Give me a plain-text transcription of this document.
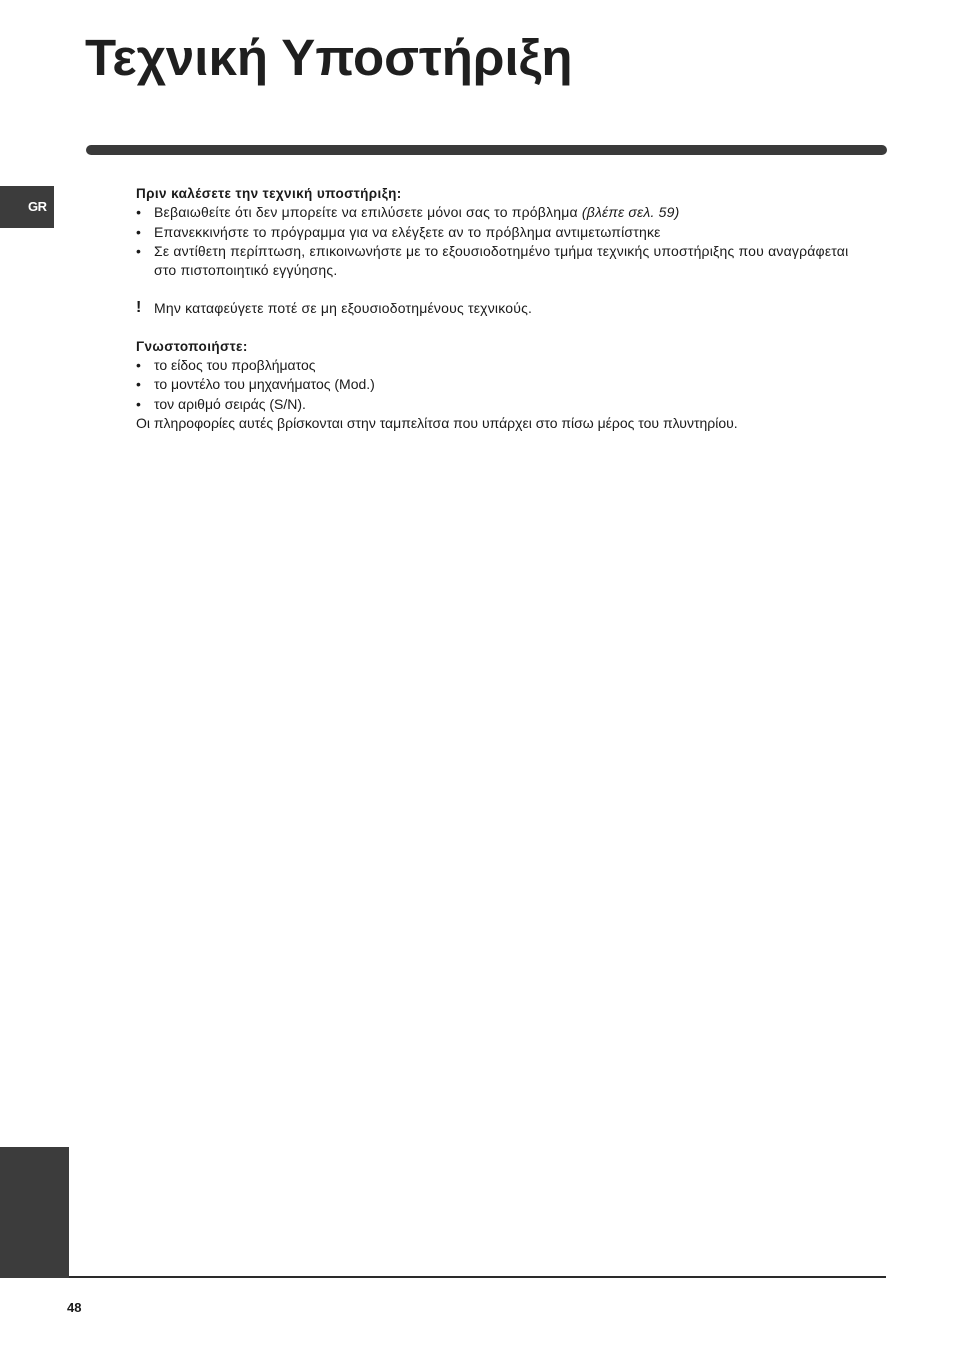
Τεχνική Υποστήριξη
GR
Πριν καλέσετε την τεχνική υποστήριξη:
• Βεβαιωθείτε ότι δεν μπορείτε να επιλύσετε μόνοι σας το πρόβλημα (βλέπε σελ. 59)
• Επανεκκινήστε το πρόγραμμα για να ελέγξετε αν το πρόβλημα αντιμετωπίστηκε
• Σε αντίθετη περίπτωση, επικοινωνήστε με το εξουσιοδοτημένο τμήμα τεχνικής υποστήριξης που αναγράφεται στο πιστοποιητικό εγγύησης.
! Μην καταφεύγετε ποτέ σε μη εξουσιοδοτημένους τεχνικούς.
Γνωστοποιήστε:
• το είδος του προβλήματος
• το μοντέλο του μηχανήματος (Mod.)
• τον αριθμό σειράς (S/N).
Οι πληροφορίες αυτές βρίσκονται στην ταμπελίτσα που υπάρχει στο πίσω μέρος του πλυντηρίου.
48
